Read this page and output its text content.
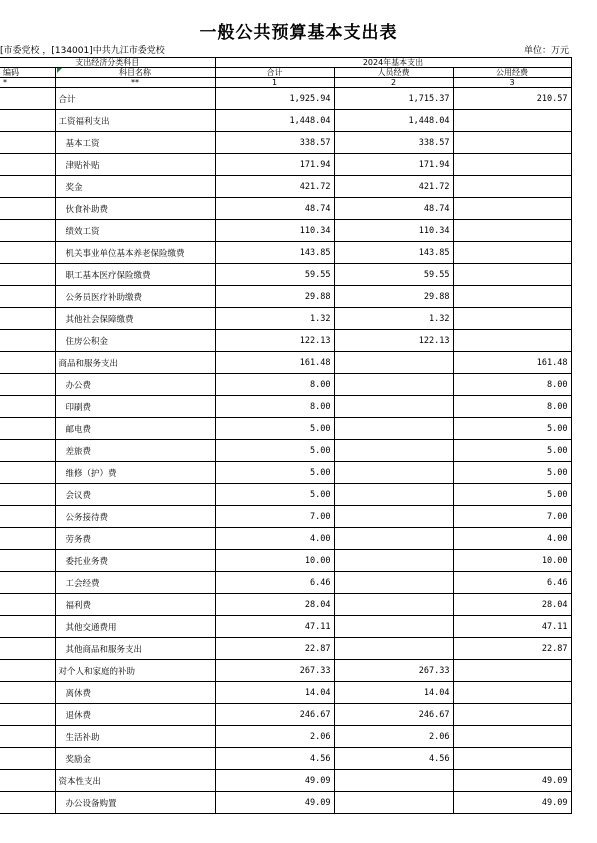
一般公共预算基本支出表
[市委党校 ，[134001]中共九江市委党校	单位：万元
支出经济分类科目		2024年基本支出		
编码	科目名称	合计	人员经费	公用经费
*	**	1	2	3
	合计	1,925.94	1,715.37	210.57
	工资福利支出	1,448.04	1,448.04	
	基本工资	338.57	338.57	
	津贴补贴	171.94	171.94	
	奖金	421.72	421.72	
	伙食补助费	48.74	48.74	
	绩效工资	110.34	110.34	
	机关事业单位基本养老保险缴费	143.85	143.85	
	职工基本医疗保险缴费	59.55	59.55	
	公务员医疗补助缴费	29.88	29.88	
	其他社会保障缴费	1.32	1.32	
	住房公积金	122.13	122.13	
	商品和服务支出	161.48		161.48
	办公费	8.00		8.00
	印刷费	8.00		8.00
	邮电费	5.00		5.00
	差旅费	5.00		5.00
	维修（护）费	5.00		5.00
	会议费	5.00		5.00
	公务接待费	7.00		7.00
	劳务费	4.00		4.00
	委托业务费	10.00		10.00
	工会经费	6.46		6.46
	福利费	28.04		28.04
	其他交通费用	47.11		47.11
	其他商品和服务支出	22.87		22.87
	对个人和家庭的补助	267.33	267.33	
	离休费	14.04	14.04	
	退休费	246.67	246.67	
	生活补助	2.06	2.06	
	奖励金	4.56	4.56	
	资本性支出	49.09		49.09
	办公设备购置	49.09		49.09
